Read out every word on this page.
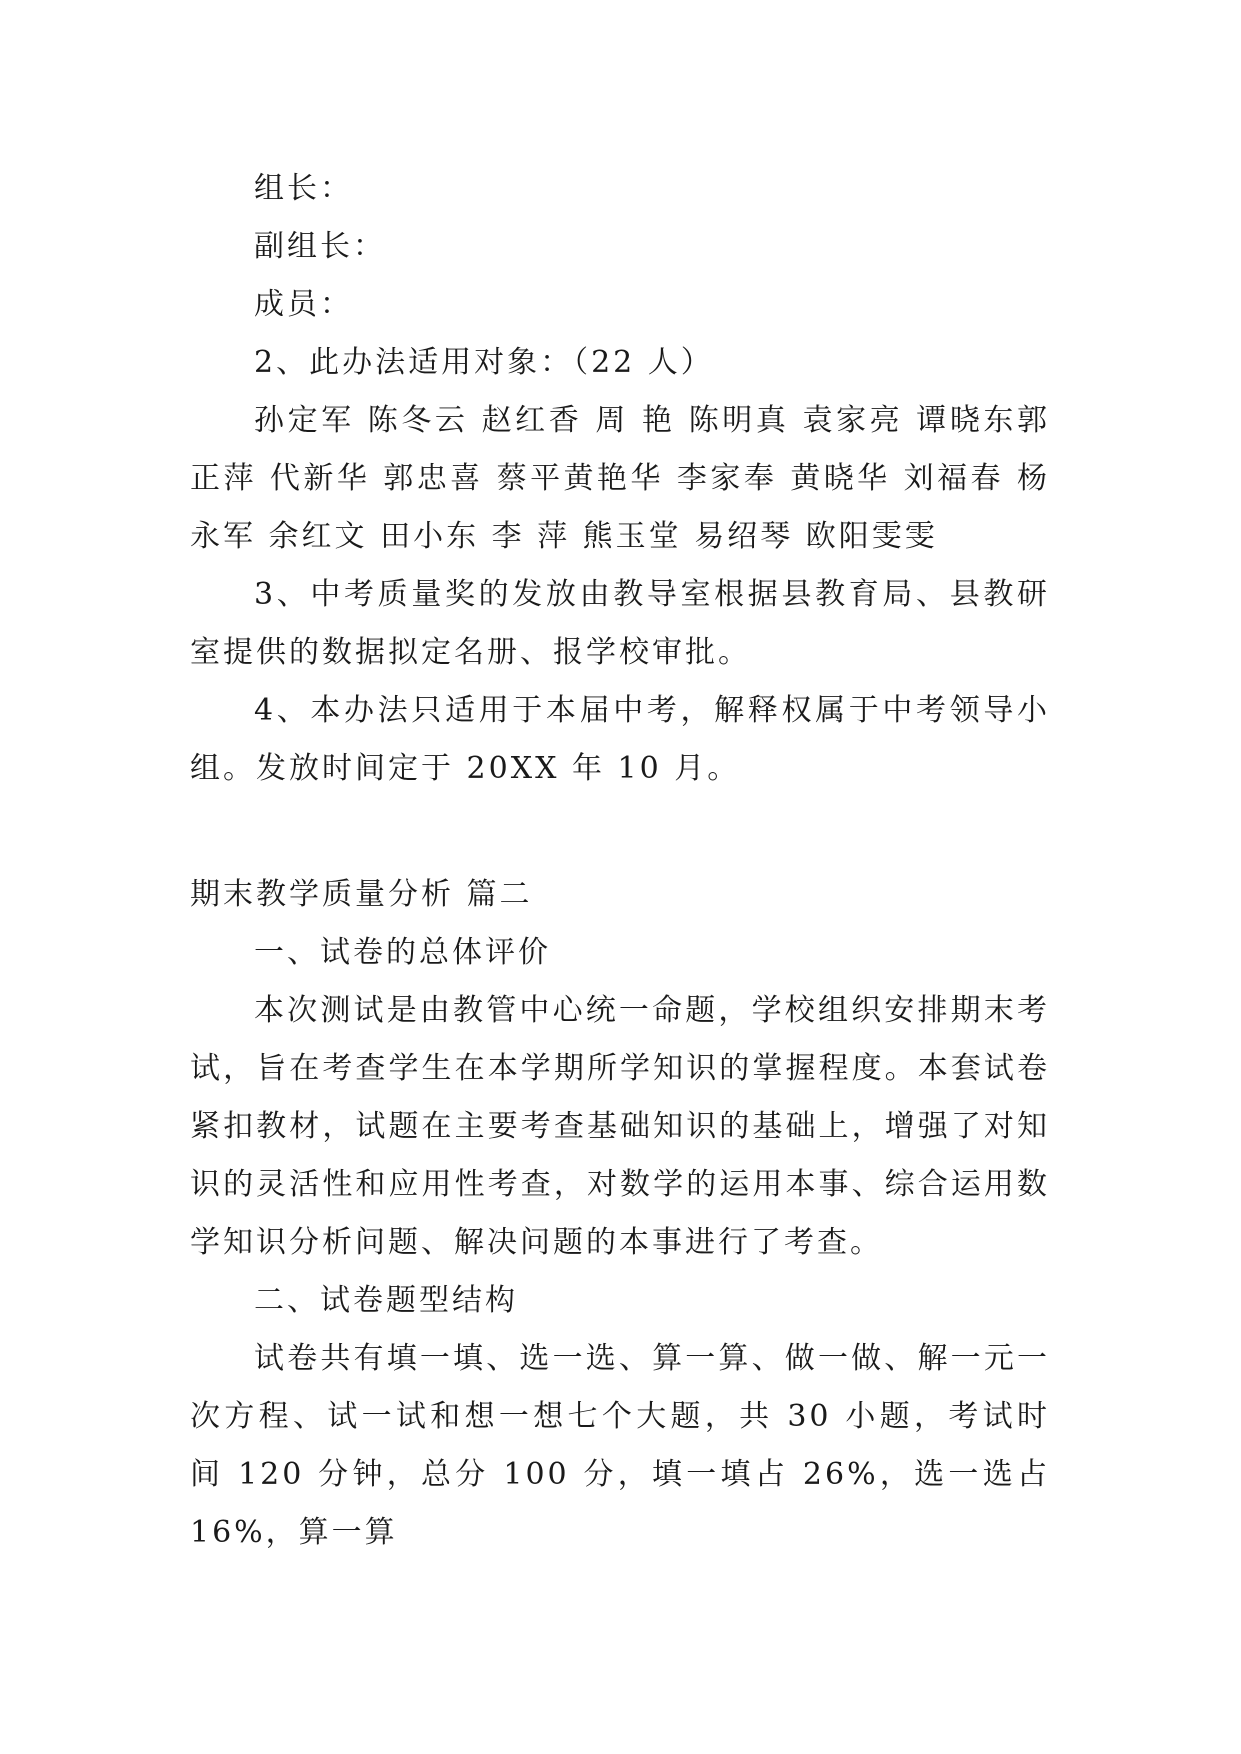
组长：

副组长：

成员：

2、此办法适用对象：（22 人）

孙定军 陈冬云 赵红香 周 艳 陈明真 袁家亮 谭晓东郭正萍 代新华 郭忠喜 蔡平黄艳华 李家奉 黄晓华 刘福春 杨永军 余红文 田小东 李 萍 熊玉堂 易绍琴 欧阳雯雯

3、中考质量奖的发放由教导室根据县教育局、县教研室提供的数据拟定名册、报学校审批。

4、本办法只适用于本届中考，解释权属于中考领导小组。发放时间定于 20XX 年 10 月。

期末教学质量分析 篇二

一、试卷的总体评价

本次测试是由教管中心统一命题，学校组织安排期末考试，旨在考查学生在本学期所学知识的掌握程度。本套试卷紧扣教材，试题在主要考查基础知识的基础上，增强了对知识的灵活性和应用性考查，对数学的运用本事、综合运用数学知识分析问题、解决问题的本事进行了考查。

二、试卷题型结构

试卷共有填一填、选一选、算一算、做一做、解一元一次方程、试一试和想一想七个大题，共 30 小题，考试时间 120 分钟，总分 100 分，填一填占 26%，选一选占 16%，算一算
